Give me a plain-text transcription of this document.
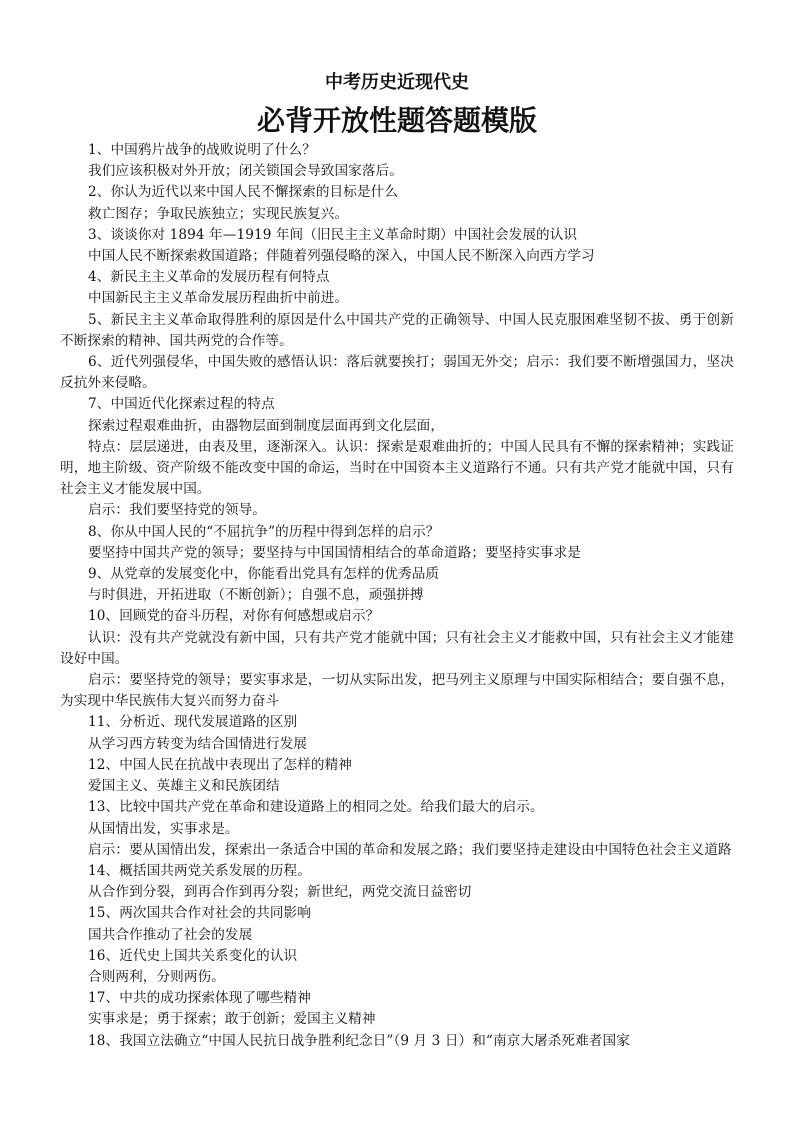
中考历史近现代史
必背开放性题答题模版

1、中国鸦片战争的战败说明了什么？

我们应该积极对外开放；闭关锁国会导致国家落后。

2、你认为近代以来中国人民不懈探索的目标是什么

救亡图存；争取民族独立；实现民族复兴。

3、谈谈你对 1894 年—1919 年间（旧民主主义革命时期）中国社会发展的认识

中国人民不断探索救国道路；伴随着列强侵略的深入，中国人民不断深入向西方学习

4、新民主主义革命的发展历程有何特点

中国新民主主义革命发展历程曲折中前进。

5、新民主主义革命取得胜利的原因是什么中国共产党的正确领导、中国人民克服困难坚韧不拔、勇于创新不断探索的精神、国共两党的合作等。

6、近代列强侵华，中国失败的感悟认识：落后就要挨打；弱国无外交；启示：我们要不断增强国力，坚决反抗外来侵略。

7、中国近代化探索过程的特点

探索过程艰难曲折，由器物层面到制度层面再到文化层面，

特点：层层递进，由表及里，逐渐深入。认识：探索是艰难曲折的；中国人民具有不懈的探索精神；实践证明，地主阶级、资产阶级不能改变中国的命运，当时在中国资本主义道路行不通。只有共产党才能就中国，只有社会主义才能发展中国。

启示：我们要坚持党的领导。

8、你从中国人民的“不屈抗争”的历程中得到怎样的启示？

要坚持中国共产党的领导；要坚持与中国国情相结合的革命道路；要坚持实事求是

9、从党章的发展变化中，你能看出党具有怎样的优秀品质

与时俱进，开拓进取（不断创新）；自强不息，顽强拼搏

10、回顾党的奋斗历程，对你有何感想或启示？

认识：没有共产党就没有新中国，只有共产党才能就中国；只有社会主义才能救中国，只有社会主义才能建设好中国。

启示：要坚持党的领导；要实事求是，一切从实际出发，把马列主义原理与中国实际相结合；要自强不息，为实现中华民族伟大复兴而努力奋斗

11、分析近、现代发展道路的区别

从学习西方转变为结合国情进行发展

12、中国人民在抗战中表现出了怎样的精神

爱国主义、英雄主义和民族团结

13、比较中国共产党在革命和建设道路上的相同之处。给我们最大的启示。

从国情出发，实事求是。

启示：要从国情出发，探索出一条适合中国的革命和发展之路；我们要坚持走建设由中国特色社会主义道路

14、概括国共两党关系发展的历程。

从合作到分裂，到再合作到再分裂；新世纪，两党交流日益密切

15、两次国共合作对社会的共同影响

国共合作推动了社会的发展

16、近代史上国共关系变化的认识

合则两利，分则两伤。

17、中共的成功探索体现了哪些精神

实事求是；勇于探索；敢于创新；爱国主义精神

18、我国立法确立“中国人民抗日战争胜利纪念日”（9 月 3 日）和“南京大屠杀死难者国家
